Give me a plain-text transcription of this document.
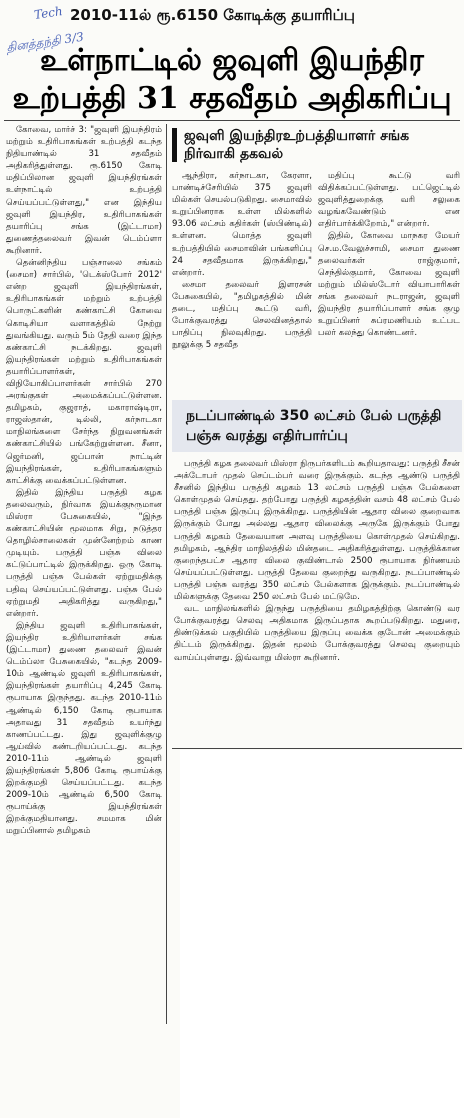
Tech
தினத்தந்தி 3/3
2010-11ல் ரூ.6150 கோடிக்கு தயாரிப்பு
உள்நாட்டில் ஜவுளி இயந்திர
உற்பத்தி 31 சதவீதம் அதிகரிப்பு
ஜவுளி இயந்திரஉற்பத்தியாளர் சங்க நிர்வாகி தகவல்

கோவை, மார்ச் 3: "ஜவுளி இயந்திரம் மற்றும் உதிரிபாகங்கள் உற்பத்தி கடந்த நிதியாண்டில் 31 சதவீதம் அதிகரித்துள்ளது. ரூ.6150 கோடி மதிப்பிலான ஜவுளி இயந்திரங்கள் உள்நாட்டில் உற்பத்தி செய்யப்பட்டுள்ளது," என இந்திய ஜவுளி இயந்திர, உதிரிபாகங்கள் தயாரிப்பு சங்க (இட்டாமா) துணைத்தலைவர் இவன் டெம்ப்ளா கூறினார்.

தென்னிந்திய பஞ்சாலை சங்கம் (சைமா) சார்பில், 'டெக்ஸ்போர் 2012' என்ற ஜவுளி இயந்திரங்கள், உதிரிபாகங்கள் மற்றும் உற்பத்தி பொருட்களின் கண்காட்சி கோவை கொடிசியா வளாகத்தில் நேற்று துவங்கியது. வரும் 5ம் தேதி வரை இந்த கண்காட்சி நடக்கிறது. ஜவுளி இயந்திரங்கள் மற்றும் உதிரிபாகங்கள் தயாரிப்பாளர்கள், விநியோகிப்பாளர்கள் சார்பில் 270 அரங்குகள் அமைக்கப்பட்டுள்ளன. தமிழகம், குஜராத், மகாராஷ்டிரா, ராஜஸ்தான், டில்லி, கர்நாடகா மாநிலங்களை சேர்ந்த நிறுவனங்கள் கண்காட்சியில் பங்கேற்றுள்ளன. சீனா, ஜெர்மனி, ஜப்பான் நாட்டின் இயந்திரங்கள், உதிரிபாகங்களும் காட்சிக்கு வைக்கப்பட்டுள்ளன.

இதில் இந்திய பருத்தி கழக தலைவரும், நிர்வாக இயக்குநருமான மிஸ்ரா பேசுகையில், "இந்த கண்காட்சியின் மூலமாக சிறு, நடுத்தர தொழில்சாலைகள் முன்னேற்றம் காண முடியும். பருத்தி பஞ்சு விலை கட்டுப்பாட்டில் இருக்கிறது. ஒரு கோடி பருத்தி பஞ்சு பேல்கள் ஏற்றுமதிக்கு பதிவு செய்யப்பட்டுள்ளது. பஞ்சு பேல் ஏற்றுமதி அதிகரித்து வருகிறது," என்றார்.

இந்திய ஜவுளி உதிரிபாகங்கள், இயந்திர உதிரியாளர்கள் சங்க (இட்டாமா) துணை தலைவர் இவன் டெம்ப்லா பேசுகையில், "கடந்த 2009-10ம் ஆண்டில் ஜவுளி உதிரிபாகங்கள், இயந்திரங்கள் தயாரிப்பு 4,245 கோடி ரூபாயாக இருந்தது. கடந்த 2010-11ம் ஆண்டில் 6,150 கோடி ரூபாயாக அதாவது 31 சதவீதம் உயர்ந்து காணப்பட்டது. இது ஜவுளிக்குழு ஆய்வில் கண்டறியப்பட்டது. கடந்த 2010-11ம் ஆண்டில் ஜவுளி இயந்திரங்கள் 5,806 கோடி ரூபாய்க்கு இறக்குமதி செய்யப்பட்டது. கடந்த 2009-10ம் ஆண்டில் 6,500 கோடி ரூபாய்க்கு இயந்திரங்கள் இறக்குமதியானது. சமமாக மின் மறுப்பினால் தமிழகம்

ஆந்திரா, கர்நாடகா, கேரளா, பாண்டிச்சேரியில் 375 ஜவுளி மில்கள் செயல்படுகிறது. சைமாவில் உறுப்பினராக உள்ள மில்களில் 93.06 லட்சம் கதிர்கள் (ஸ்பிண்டில்) உள்ளன. மொத்த ஜவுளி உற்பத்தியில் சைமாவின் பங்களிப்பு 24 சதவீதமாக இருக்கிறது," என்றார்.

சைமா தலைவர் இளரசன் பேசுகையில், "தமிழகத்தில் மின் தடை, மதிப்பு கூட்டு வரி, போக்குவரத்து செலவினத்தால் பாதிப்பு நிலவுகிறது. பருத்தி நூலுக்கு 5 சதவீத

மதிப்பு கூட்டு வரி விதிக்கப்பட்டுள்ளது. பட்ஜெட்டில் ஜவுளித்துறைக்கு வரி சலுகை வழங்கவேண்டும் என எதிர்பார்க்கிறோம்," என்றார்.

இதில், கோவை மாநகர மேயர் செ.ம.வேலுச்சாமி, சைமா துணை தலைவர்கள் ராஜ்குமார், செந்தில்குமார், கோவை ஜவுளி மற்றும் மில்ஸ்டோர் வியாபாரிகள் சங்க தலைவர் நடராஜன், ஜவுளி இயந்திர தயாரிப்பாளர் சங்க குழு உறுப்பினர் சுப்ரமணியம் உட்பட பலர் கலந்து கொண்டனர்.

நடப்பாண்டில் 350 லட்சம் பேல் பருத்தி பஞ்சு வரத்து எதிர்பார்ப்பு

பருத்தி கழக தலைவர் மிஸ்ரா நிருபர்களிடம் கூறியதாவது: பருத்தி சீசன் அக்டோபர் முதல் செப்டம்பர் வரை இருக்கும். கடந்த ஆண்டு பருத்தி சீசனில் இந்திய பருத்தி கழகம் 13 லட்சம் பருத்தி பஞ்சு பேல்களை கொள்முதல் செய்தது. தற்போது பருத்தி கழகத்தின் வசம் 48 லட்சம் பேல் பருத்தி பஞ்சு இருப்பு இருக்கிறது. பருத்தியின் ஆதார விலை குறைவாக இருக்கும் போது அல்லது ஆதார விலைக்கு அருகே இருக்கும் போது பருத்தி கழகம் தேவையான அளவு பருத்தியை கொள்முதல் செய்கிறது. தமிழகம், ஆந்திர மாநிலத்தில் மின்தடை அதிகரித்துள்ளது. பருத்திக்கான குறைந்தபட்ச ஆதார விலை குவிண்டால் 2500 ரூபாயாக நிர்ணயம் செய்யப்பட்டுள்ளது. பருத்தி தேவை குறைந்து வருகிறது. நடப்பாண்டில் பருத்தி பஞ்சு வரத்து 350 லட்சம் பேல்களாக இருக்கும். நடப்பாண்டில் மில்களுக்கு தேவை 250 லட்சம் பேல் மட்டுமே.

வட மாநிலங்களில் இருந்து பருத்தியை தமிழகத்திற்கு கொண்டு வர போக்குவரத்து செலவு அதிகமாக இருப்பதாக கூறப்படுகிறது. மதுரை, திண்டுக்கல் பகுதியில் பருத்தியை இருப்பு வைக்க குடோன் அமைக்கும் திட்டம் இருக்கிறது. இதன் மூலம் போக்குவரத்து செலவு குறையும் வாய்ப்புள்ளது. இவ்வாறு மிஸ்ரா கூறினார்.
